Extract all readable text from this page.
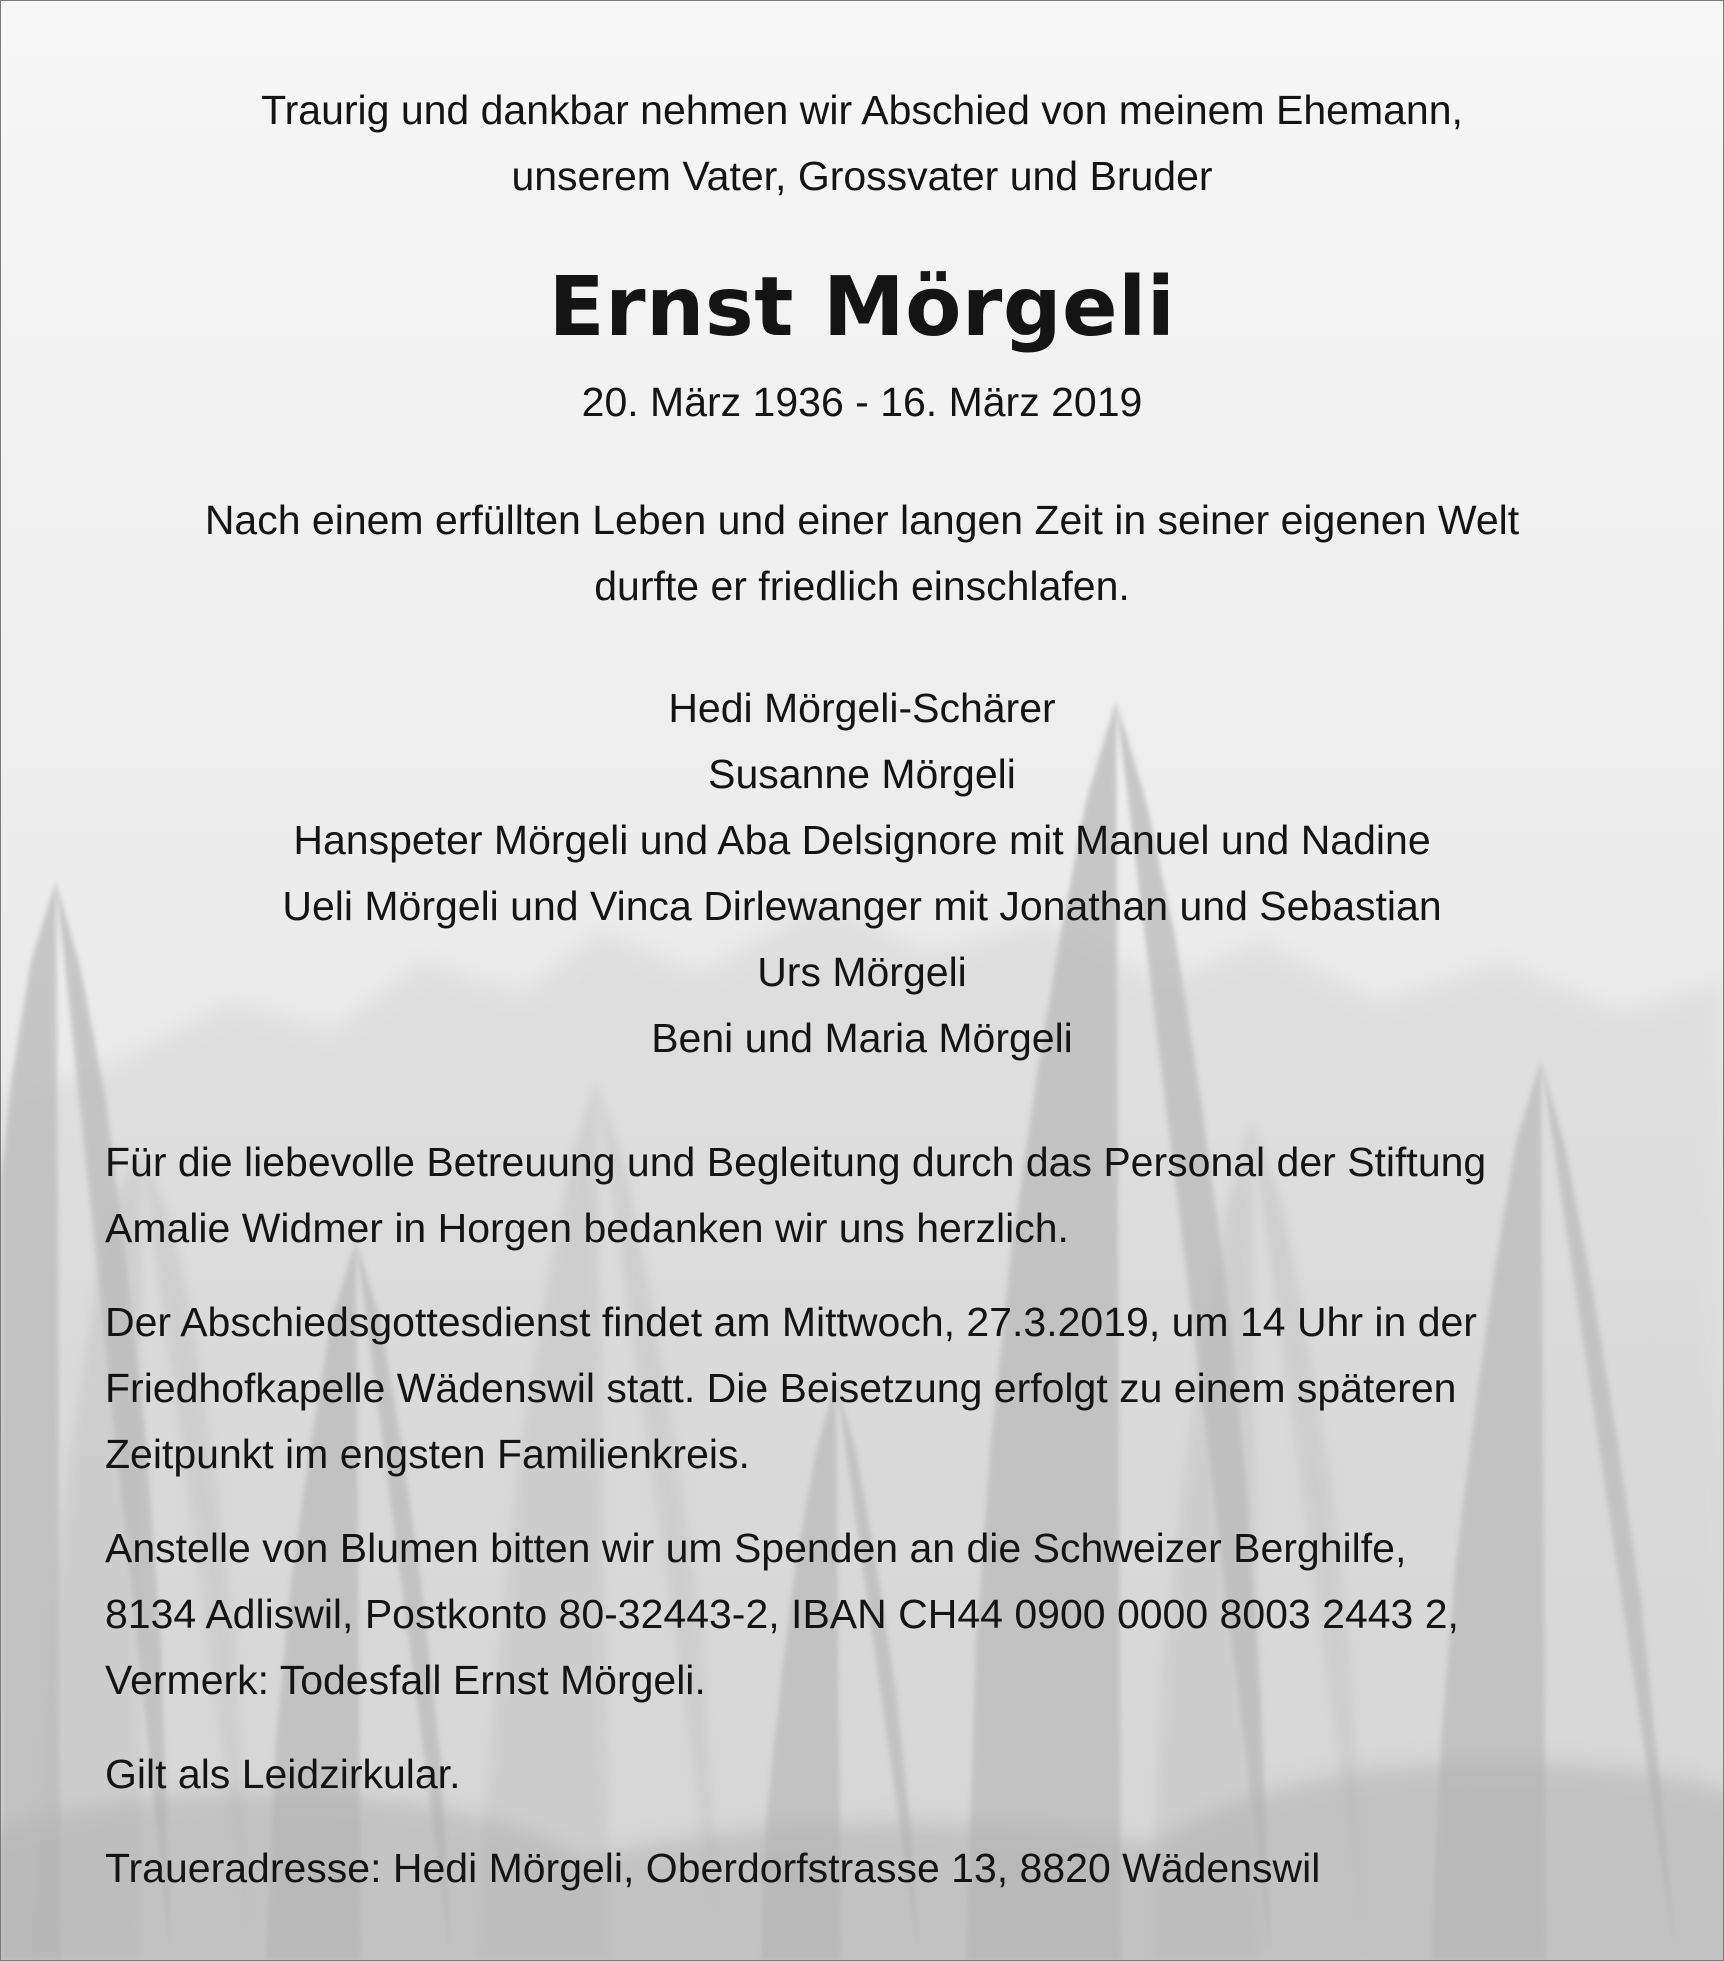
Traurig und dankbar nehmen wir Abschied von meinem Ehemann,
unserem Vater, Grossvater und Bruder
Ernst Mörgeli
20. März 1936 - 16. März 2019
Nach einem erfüllten Leben und einer langen Zeit in seiner eigenen Welt
durfte er friedlich einschlafen.
Hedi Mörgeli-Schärer
Susanne Mörgeli
Hanspeter Mörgeli und Aba Delsignore mit Manuel und Nadine
Ueli Mörgeli und Vinca Dirlewanger mit Jonathan und Sebastian
Urs Mörgeli
Beni und Maria Mörgeli
Für die liebevolle Betreuung und Begleitung durch das Personal der Stiftung
Amalie Widmer in Horgen bedanken wir uns herzlich.
Der Abschiedsgottesdienst findet am Mittwoch, 27.3.2019, um 14 Uhr in der
Friedhofkapelle Wädenswil statt. Die Beisetzung erfolgt zu einem späteren
Zeitpunkt im engsten Familienkreis.
Anstelle von Blumen bitten wir um Spenden an die Schweizer Berghilfe,
8134 Adliswil, Postkonto 80-32443-2, IBAN CH44 0900 0000 8003 2443 2,
Vermerk: Todesfall Ernst Mörgeli.
Gilt als Leidzirkular.
Traueradresse: Hedi Mörgeli, Oberdorfstrasse 13, 8820 Wädenswil
